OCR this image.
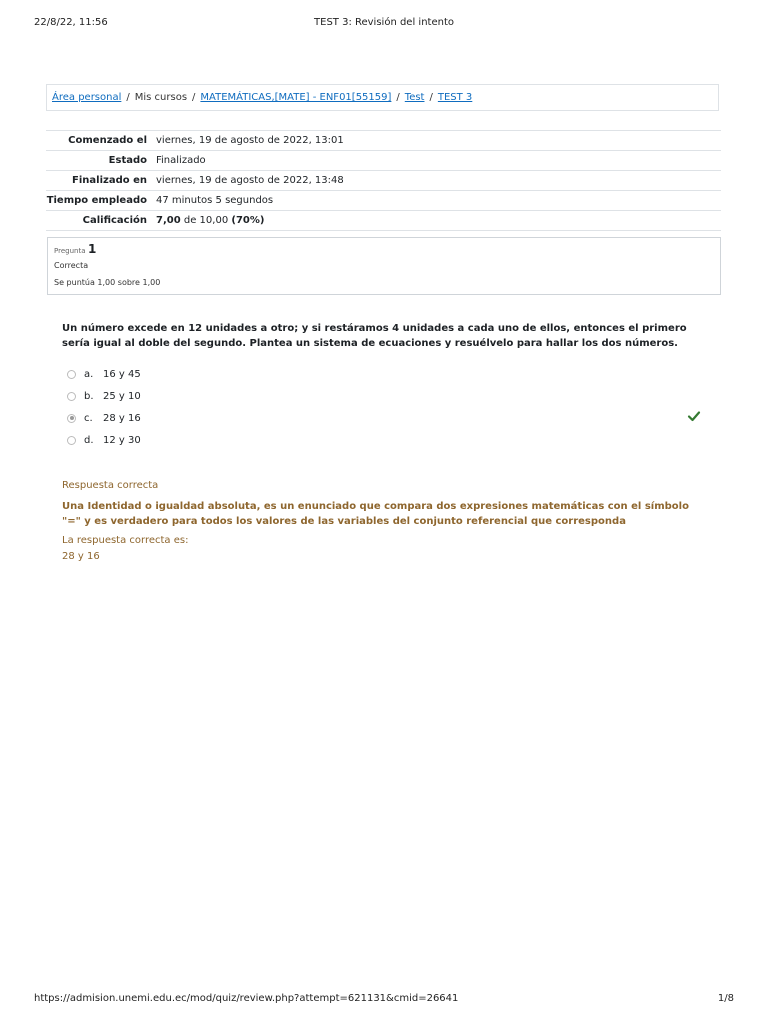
22/8/22, 11:56	TEST 3: Revisión del intento
Área personal / Mis cursos / MATEMÁTICAS,[MATE] - ENF01[55159] / Test / TEST 3
Comenzado el	viernes, 19 de agosto de 2022, 13:01
Estado	Finalizado
Finalizado en	viernes, 19 de agosto de 2022, 13:48
Tiempo empleado	47 minutos 5 segundos
Calificación	7,00 de 10,00 (70%)
Pregunta 1
Correcta
Se puntúa 1,00 sobre 1,00
Un número excede en 12 unidades a otro; y si restáramos 4 unidades a cada uno de ellos, entonces el primero sería igual al doble del segundo. Plantea un sistema de ecuaciones y resuélvelo para hallar los dos números.
a. 16 y 45
b. 25 y 10
c.	28 y 16
d. 12 y 30
Respuesta correcta
Una Identidad o igualdad absoluta, es un enunciado que compara dos expresiones matemáticas con el símbolo "=" y es verdadero para todos los valores de las variables del conjunto referencial que corresponda
La respuesta correcta es:
28 y 16
https://admision.unemi.edu.ec/mod/quiz/review.php?attempt=621131&cmid=26641	1/8
